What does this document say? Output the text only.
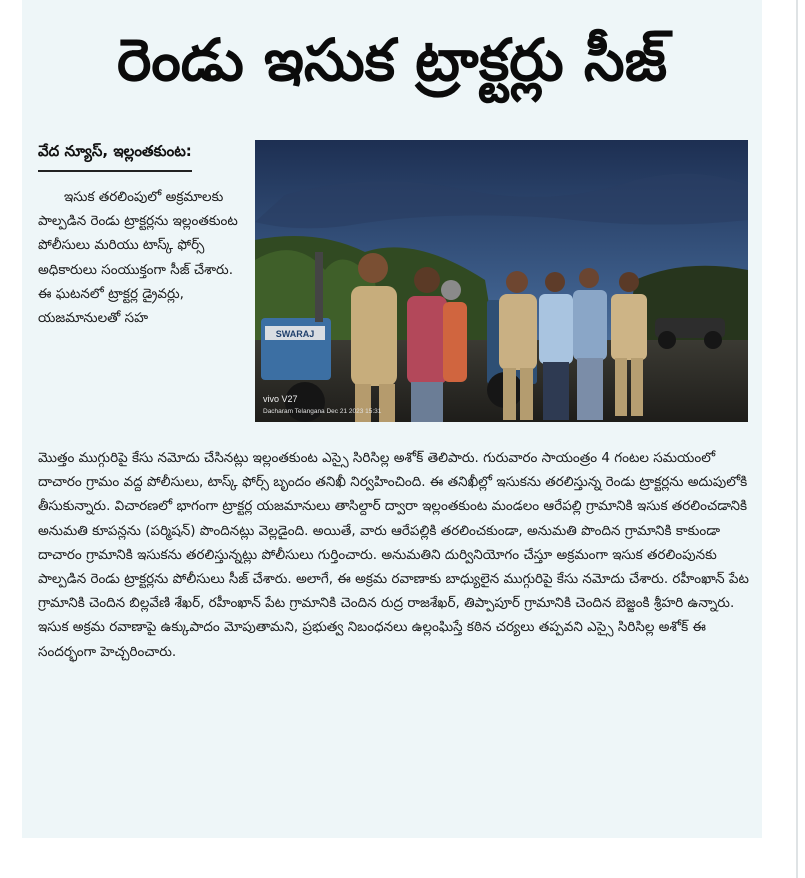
రెండు ఇసుక ట్రాక్టర్లు సీజ్
వేద న్యూస్, ఇల్లంతకుంట:

ఇసుక తరలింపులో అక్రమాలకు పాల్పడిన రెండు ట్రాక్టర్లను ఇల్లంతకుంట పోలీసులు మరియు టాస్క్ ఫోర్స్ అధికారులు సంయుక్తంగా సీజ్ చేశారు. ఈ ఘటనలో ట్రాక్టర్ల డ్రైవర్లు, యజమానులతో సహ

SWARAJ
vivo V27
Dacharam Telangana Dec 21 2023 15:31

మొత్తం ముగ్గురిపై కేసు నమోదు చేసినట్లు ఇల్లంతకుంట ఎస్సై సిరిసిల్ల అశోక్ తెలిపారు. గురువారం సాయంత్రం 4 గంటల సమయంలో దాచారం గ్రామం వద్ద పోలీసులు, టాస్క్ ఫోర్స్ బృందం తనిఖీ నిర్వహించింది. ఈ తనిఖీల్లో ఇసుకను తరలిస్తున్న రెండు ట్రాక్టర్లను అదుపులోకి తీసుకున్నారు. విచారణలో భాగంగా ట్రాక్టర్ల యజమానులు తాసిల్దార్ ద్వారా ఇల్లంతకుంట మండలం ఆరేపల్లి గ్రామానికి ఇసుక తరలించడానికి అనుమతి కూపన్లను (పర్మిషన్) పొందినట్లు వెల్లడైంది. అయితే, వారు ఆరేపల్లికి తరలించకుండా, అనుమతి పొందిన గ్రామానికి కాకుండా దాచారం గ్రామానికి ఇసుకను తరలిస్తున్నట్లు పోలీసులు గుర్తించారు. అనుమతిని దుర్వినియోగం చేస్తూ అక్రమంగా ఇసుక తరలింపునకు పాల్పడిన రెండు ట్రాక్టర్లను పోలీసులు సీజ్ చేశారు. అలాగే, ఈ అక్రమ రవాణాకు బాధ్యులైన ముగ్గురిపై కేసు నమోదు చేశారు. రహీంఖాన్ పేట గ్రామానికి చెందిన బిల్లవేణి శేఖర్, రహీంఖాన్ పేట గ్రామానికి చెందిన రుద్ర రాజశేఖర్, తిప్పాపూర్ గ్రామానికి చెందిన బెజ్జంకి శ్రీహరి ఉన్నారు. ఇసుక అక్రమ రవాణాపై ఉక్కుపాదం మోపుతామని, ప్రభుత్వ నిబంధనలు ఉల్లంఘిస్తే కఠిన చర్యలు తప్పవని ఎస్సై సిరిసిల్ల అశోక్ ఈ సందర్భంగా హెచ్చరించారు.
